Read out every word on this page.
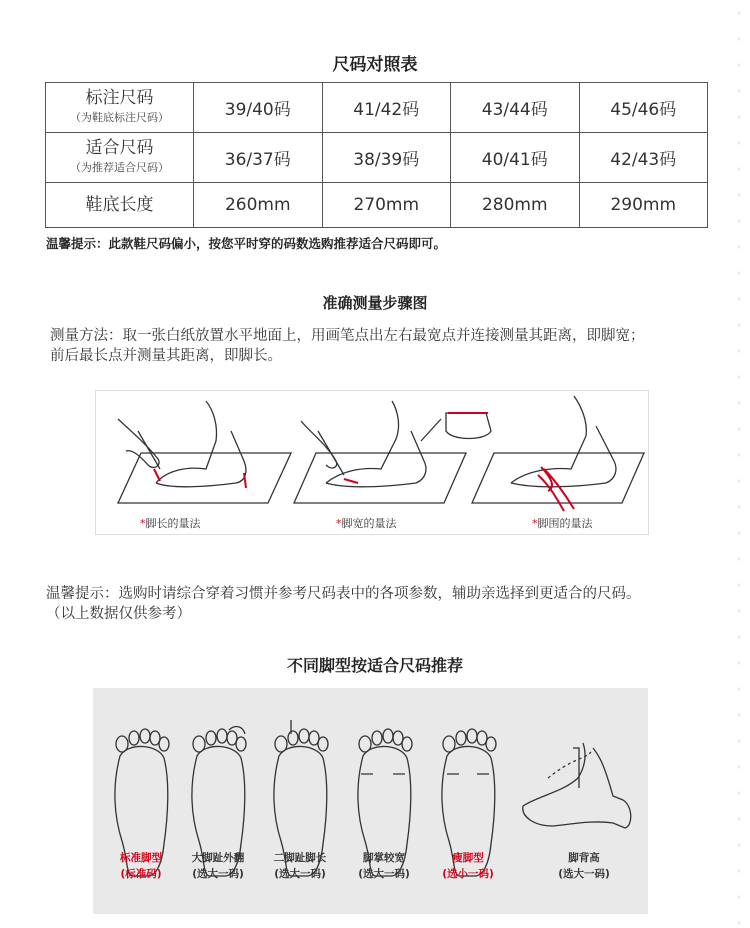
尺码对照表
标注尺码
（为鞋底标注尺码）	39/40码	41/42码	43/44码	45/46码
适合尺码
（为推荐适合尺码）	36/37码	38/39码	40/41码	42/43码
鞋底长度	260mm	270mm	280mm	290mm
温馨提示：此款鞋尺码偏小，按您平时穿的码数选购推荐适合尺码即可。
准确测量步骤图
测量方法：取一张白纸放置水平地面上，用画笔点出左右最宽点并连接测量其距离，即脚宽；
前后最长点并测量其距离，即脚长。
*脚长的量法	*脚宽的量法	*脚围的量法
温馨提示：选购时请综合穿着习惯并参考尺码表中的各项参数，辅助亲选择到更适合的尺码。
（以上数据仅供参考）
不同脚型按适合尺码推荐
标准脚型
(标准码)
大脚趾外翻
(选大一码)
二脚趾脚长
(选大一码)
脚掌较宽
(选大一码)
瘦脚型
(选小一码)
脚背高
(选大一码)
